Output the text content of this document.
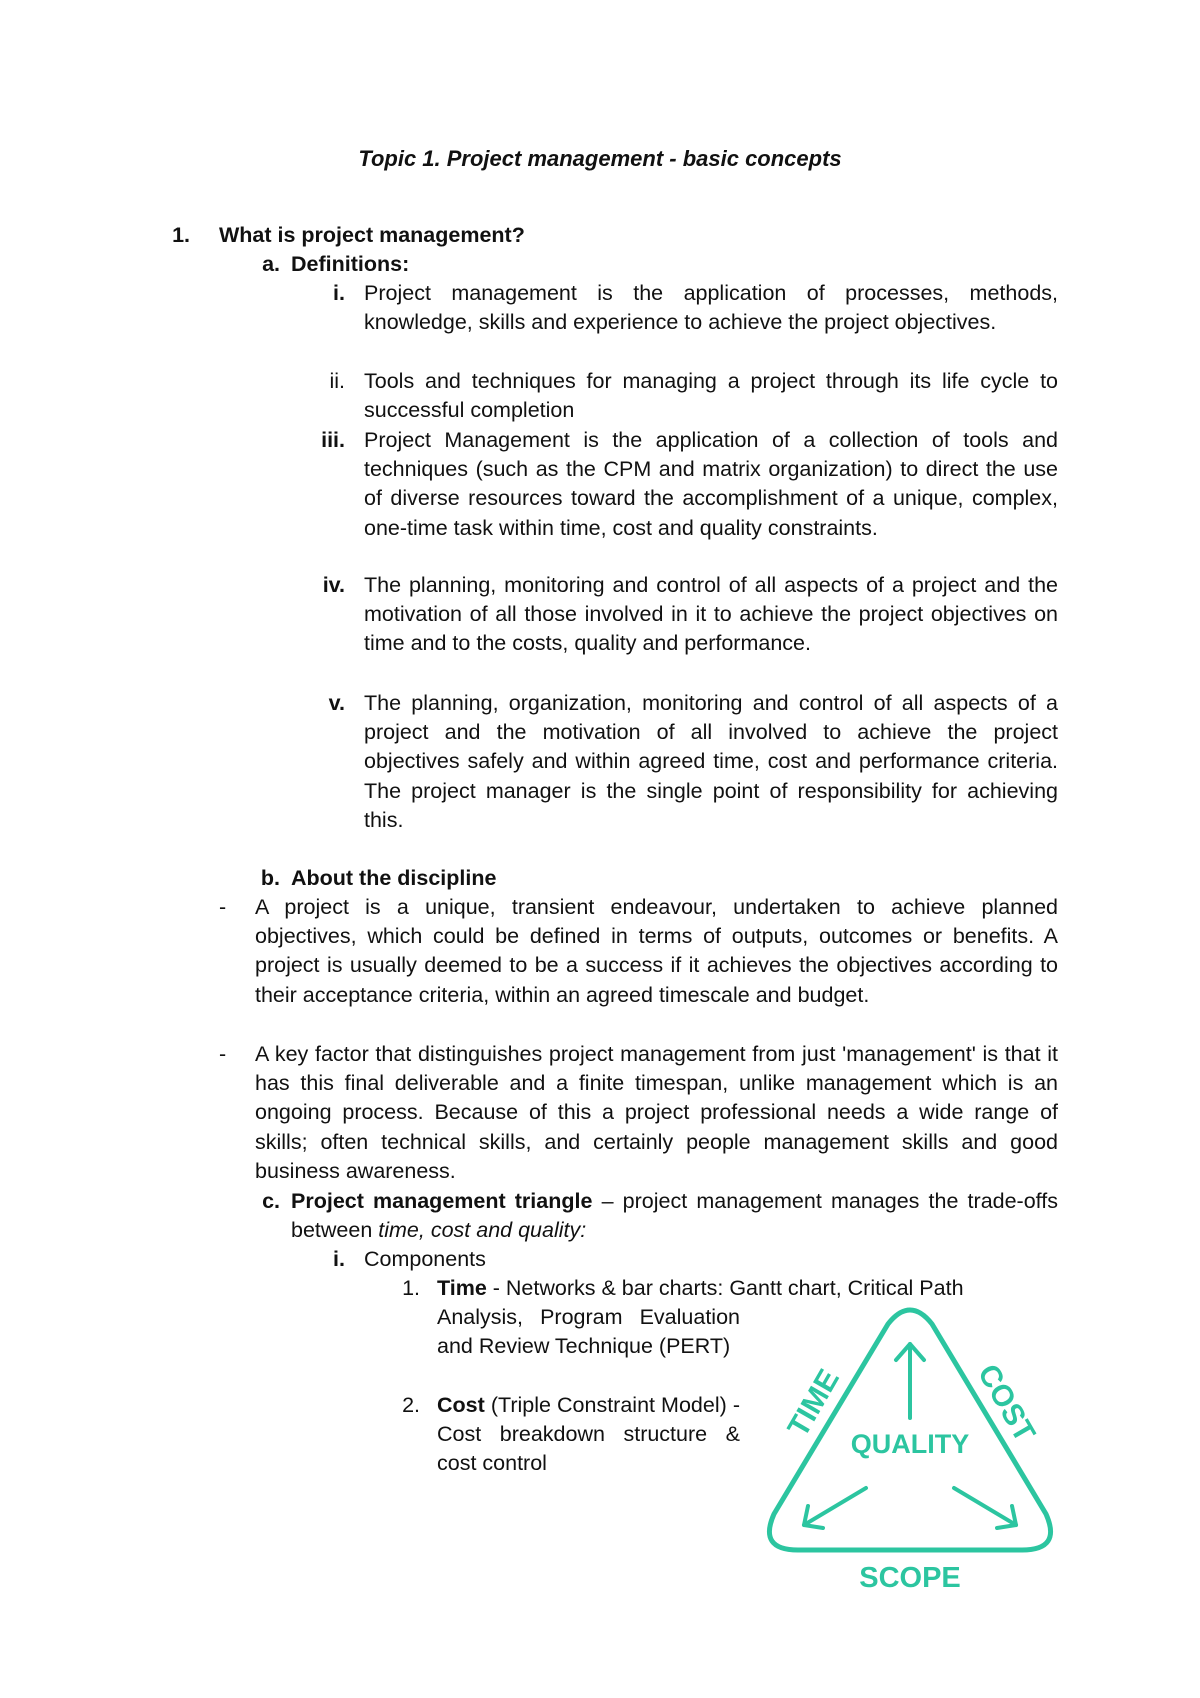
Topic 1. Project management - basic concepts
1. What is project management?
a. Definitions:
i. Project management is the application of processes, methods, knowledge, skills and experience to achieve the project objectives.
ii. Tools and techniques for managing a project through its life cycle to successful completion
iii. Project Management is the application of a collection of tools and techniques (such as the CPM and matrix organization) to direct the use of diverse resources toward the accomplishment of a unique, complex, one-time task within time, cost and quality constraints.
iv. The planning, monitoring and control of all aspects of a project and the motivation of all those involved in it to achieve the project objectives on time and to the costs, quality and performance.
v. The planning, organization, monitoring and control of all aspects of a project and the motivation of all involved to achieve the project objectives safely and within agreed time, cost and performance criteria. The project manager is the single point of responsibility for achieving this.
b. About the discipline
- A project is a unique, transient endeavour, undertaken to achieve planned objectives, which could be defined in terms of outputs, outcomes or benefits. A project is usually deemed to be a success if it achieves the objectives according to their acceptance criteria, within an agreed timescale and budget.
- A key factor that distinguishes project management from just 'management' is that it has this final deliverable and a finite timespan, unlike management which is an ongoing process. Because of this a project professional needs a wide range of skills; often technical skills, and certainly people management skills and good business awareness.
c. Project management triangle – project management manages the trade-offs between time, cost and quality:
i. Components
1. Time - Networks & bar charts: Gantt chart, Critical Path
Analysis, Program Evaluation and Review Technique (PERT)
2. Cost (Triple Constraint Model) - Cost breakdown structure & cost control
TIME	COST
QUALITY
SCOPE
